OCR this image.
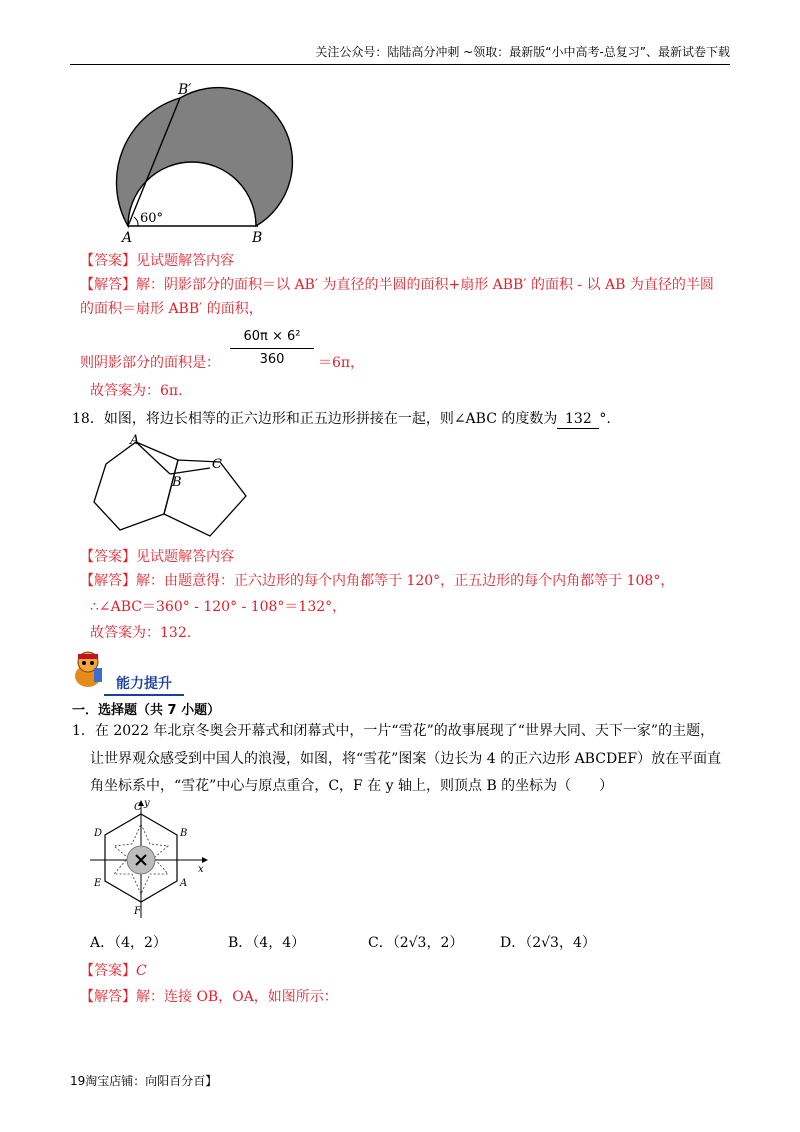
关注公众号：陆陆高分冲刺 ~领取：最新版“小中高考-总复习”、最新试卷下载
B′
A	B
60°
【答案】见试题解答内容
【解答】解：阴影部分的面积＝以 AB′ 为直径的半圆的面积+扇形 ABB′ 的面积 - 以 AB 为直径的半圆
的面积＝扇形 ABB′ 的面积，
$\frac{\text{60π × 6²}}{360}$
则阴影部分的面积是：	＝6π，
故答案为：6π.
18．如图，将边长相等的正六边形和正五边形拼接在一起，则∠ABC 的度数为 132 °.
A
B
C
【答案】见试题解答内容
【解答】解：由题意得：正六边形的每个内角都等于 120°，正五边形的每个内角都等于 108°，
∴∠ABC＝360° - 120° - 108°＝132°，
故答案为：132.
能力提升
一．选择题（共 7 小题）
1．在 2022 年北京冬奥会开幕式和闭幕式中，一片“雪花”的故事展现了“世界大同、天下一家”的主题，
让世界观众感受到中国人的浪漫，如图，将“雪花”图案（边长为 4 的正六边形 ABCDEF）放在平面直
角坐标系中，“雪花”中心与原点重合，C，F 在 y 轴上，则顶点 B 的坐标为（　　）
y
x
C
B
A
F
E
D
A．（4，2）	B．（4，4）	C．（2√3，2）	D．（2√3，4）
【答案】C
【解答】解：连接 OB，OA，如图所示：
19淘宝店铺：向阳百分百】
